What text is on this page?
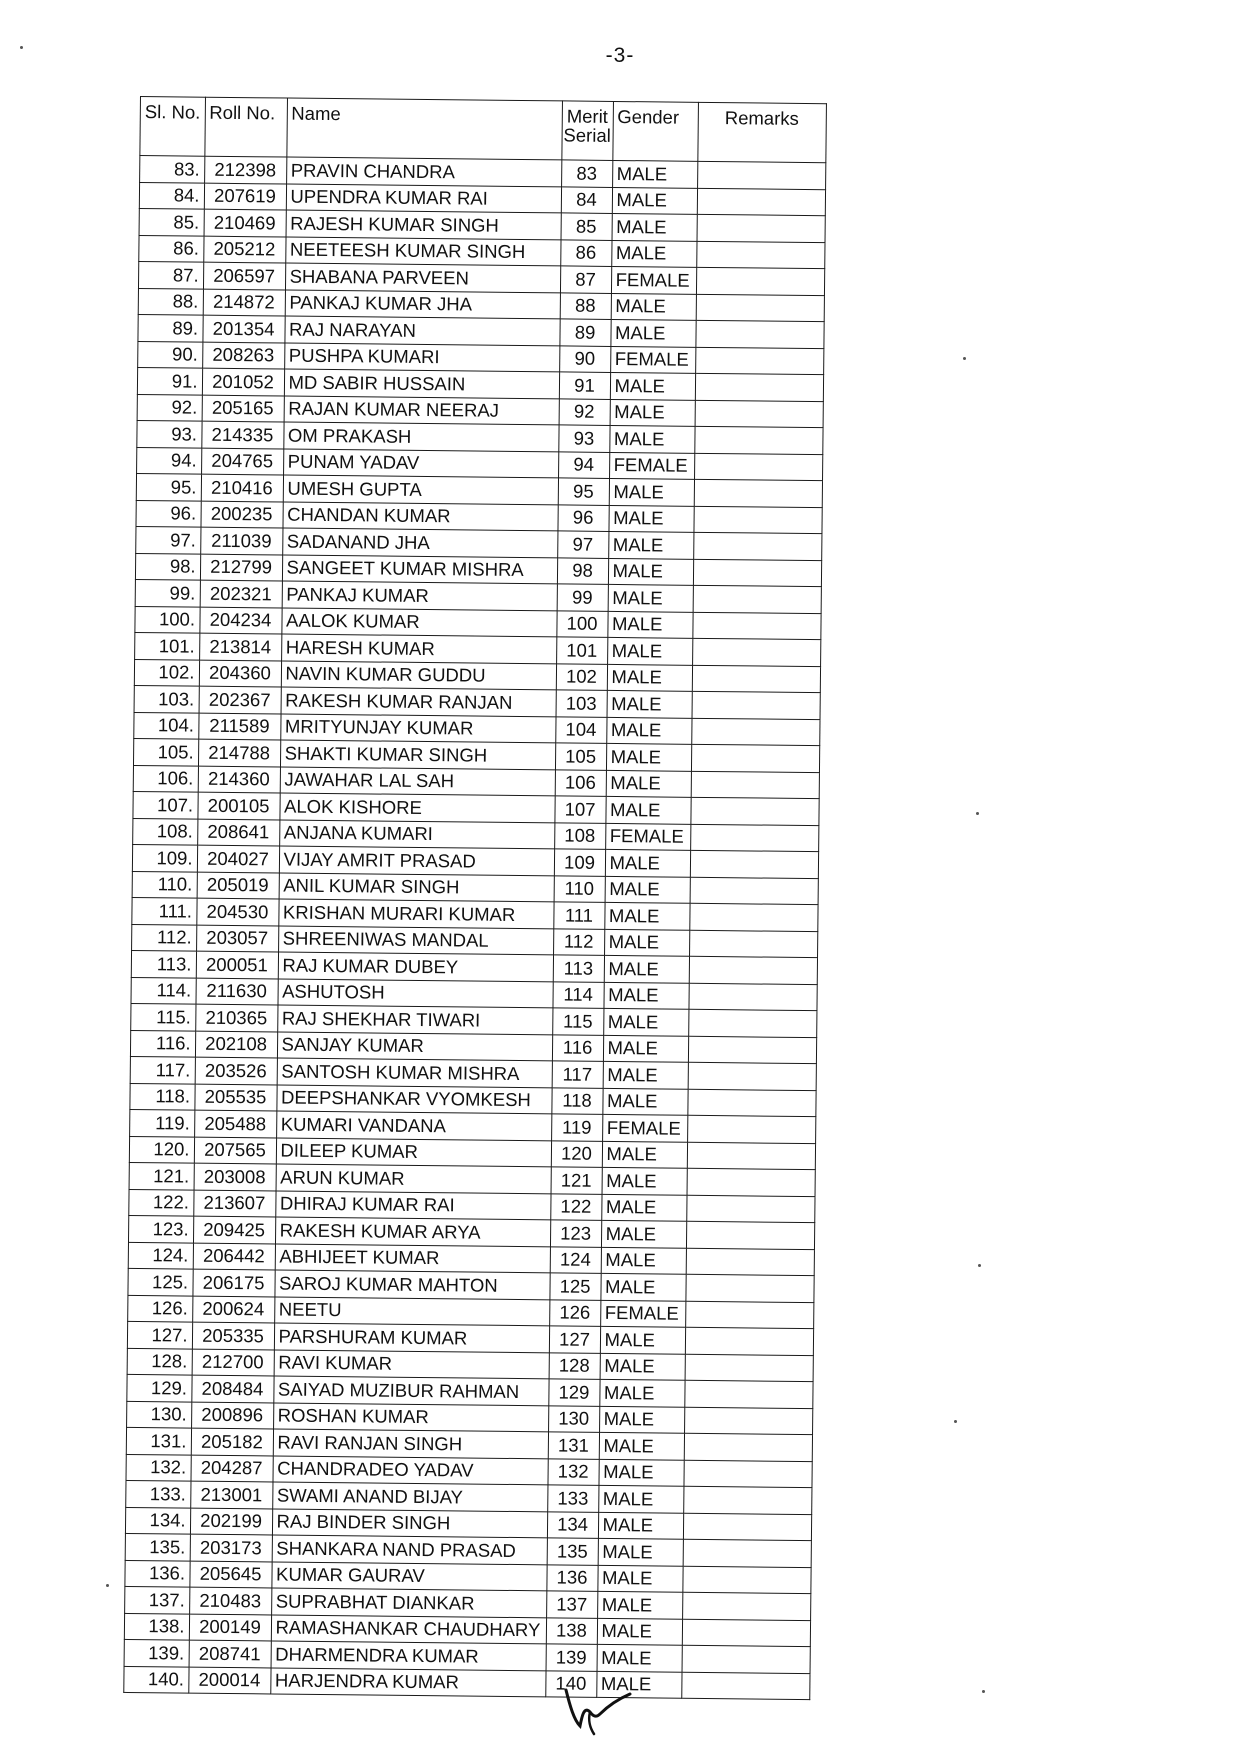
-3-
Sl. No.	Roll No.	Name	Merit Serial	Gender	Remarks
83.	212398	PRAVIN CHANDRA	83	MALE	
84.	207619	UPENDRA KUMAR RAI	84	MALE	
85.	210469	RAJESH KUMAR SINGH	85	MALE	
86.	205212	NEETEESH KUMAR SINGH	86	MALE	
87.	206597	SHABANA PARVEEN	87	FEMALE	
88.	214872	PANKAJ KUMAR JHA	88	MALE	
89.	201354	RAJ NARAYAN	89	MALE	
90.	208263	PUSHPA KUMARI	90	FEMALE	
91.	201052	MD SABIR HUSSAIN	91	MALE	
92.	205165	RAJAN KUMAR NEERAJ	92	MALE	
93.	214335	OM PRAKASH	93	MALE	
94.	204765	PUNAM YADAV	94	FEMALE	
95.	210416	UMESH GUPTA	95	MALE	
96.	200235	CHANDAN KUMAR	96	MALE	
97.	211039	SADANAND JHA	97	MALE	
98.	212799	SANGEET KUMAR MISHRA	98	MALE	
99.	202321	PANKAJ KUMAR	99	MALE	
100.	204234	AALOK KUMAR	100	MALE	
101.	213814	HARESH KUMAR	101	MALE	
102.	204360	NAVIN KUMAR GUDDU	102	MALE	
103.	202367	RAKESH KUMAR RANJAN	103	MALE	
104.	211589	MRITYUNJAY KUMAR	104	MALE	
105.	214788	SHAKTI KUMAR SINGH	105	MALE	
106.	214360	JAWAHAR LAL SAH	106	MALE	
107.	200105	ALOK KISHORE	107	MALE	
108.	208641	ANJANA KUMARI	108	FEMALE	
109.	204027	VIJAY AMRIT PRASAD	109	MALE	
110.	205019	ANIL KUMAR SINGH	110	MALE	
111.	204530	KRISHAN MURARI KUMAR	111	MALE	
112.	203057	SHREENIWAS MANDAL	112	MALE	
113.	200051	RAJ KUMAR DUBEY	113	MALE	
114.	211630	ASHUTOSH	114	MALE	
115.	210365	RAJ SHEKHAR TIWARI	115	MALE	
116.	202108	SANJAY KUMAR	116	MALE	
117.	203526	SANTOSH KUMAR MISHRA	117	MALE	
118.	205535	DEEPSHANKAR VYOMKESH	118	MALE	
119.	205488	KUMARI VANDANA	119	FEMALE	
120.	207565	DILEEP KUMAR	120	MALE	
121.	203008	ARUN KUMAR	121	MALE	
122.	213607	DHIRAJ KUMAR RAI	122	MALE	
123.	209425	RAKESH KUMAR ARYA	123	MALE	
124.	206442	ABHIJEET KUMAR	124	MALE	
125.	206175	SAROJ KUMAR MAHTON	125	MALE	
126.	200624	NEETU	126	FEMALE	
127.	205335	PARSHURAM KUMAR	127	MALE	
128.	212700	RAVI KUMAR	128	MALE	
129.	208484	SAIYAD MUZIBUR RAHMAN	129	MALE	
130.	200896	ROSHAN KUMAR	130	MALE	
131.	205182	RAVI RANJAN SINGH	131	MALE	
132.	204287	CHANDRADEO YADAV	132	MALE	
133.	213001	SWAMI ANAND BIJAY	133	MALE	
134.	202199	RAJ BINDER SINGH	134	MALE	
135.	203173	SHANKARA NAND PRASAD	135	MALE	
136.	205645	KUMAR GAURAV	136	MALE	
137.	210483	SUPRABHAT DIANKAR	137	MALE	
138.	200149	RAMASHANKAR CHAUDHARY	138	MALE	
139.	208741	DHARMENDRA KUMAR	139	MALE	
140.	200014	HARJENDRA KUMAR	140	MALE	
